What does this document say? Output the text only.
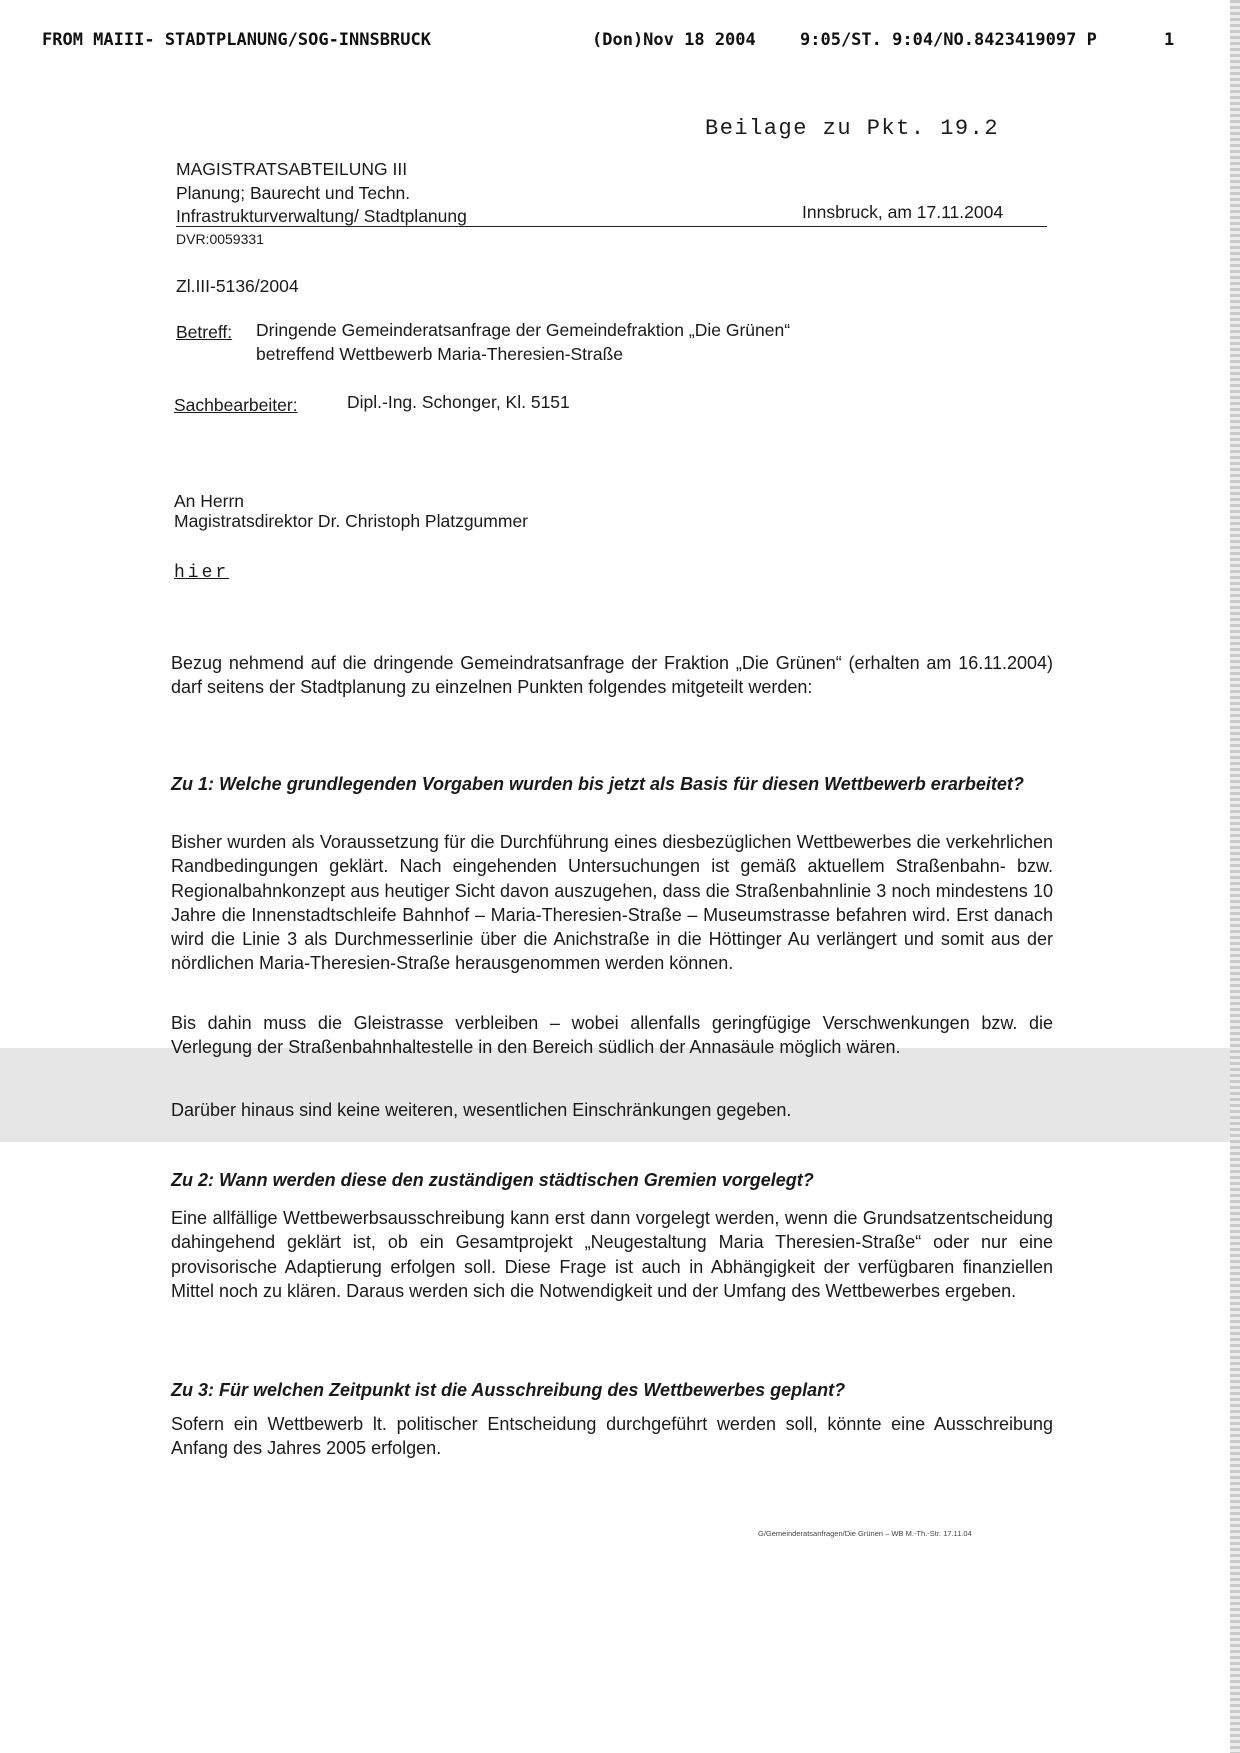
FROM MAIII- STADTPLANUNG/SOG-INNSBRUCK	(Don)Nov 18 2004	9:05/ST. 9:04/NO.8423419097 P	1
Beilage zu Pkt. 19.2
MAGISTRATSABTEILUNG III
Planung; Baurecht und Techn.
Infrastrukturverwaltung/ Stadtplanung	Innsbruck, am 17.11.2004
DVR:0059331
Zl.III-5136/2004
Betreff: Dringende Gemeinderatsanfrage der Gemeindefraktion „Die Grünen“
betreffend Wettbewerb Maria-Theresien-Straße
Sachbearbeiter:	Dipl.-Ing. Schonger, Kl. 5151
An Herrn
Magistratsdirektor Dr. Christoph Platzgummer
hier

Bezug nehmend auf die dringende Gemeindratsanfrage der Fraktion „Die Grünen“ (erhalten am 16.11.2004) darf seitens der Stadtplanung zu einzelnen Punkten folgendes mitgeteilt werden:

Zu 1: Welche grundlegenden Vorgaben wurden bis jetzt als Basis für diesen Wettbewerb erarbeitet?

Bisher wurden als Voraussetzung für die Durchführung eines diesbezüglichen Wettbewerbes die verkehrlichen Randbedingungen geklärt. Nach eingehenden Untersuchungen ist gemäß aktuellem Straßenbahn- bzw. Regionalbahnkonzept aus heutiger Sicht davon auszugehen, dass die Straßenbahnlinie 3 noch mindestens 10 Jahre die Innenstadtschleife Bahnhof – Maria-Theresien-Straße – Museumstrasse befahren wird. Erst danach wird die Linie 3 als Durchmesserlinie über die Anichstraße in die Höttinger Au verlängert und somit aus der nördlichen Maria-Theresien-Straße herausgenommen werden können.

Bis dahin muss die Gleistrasse verbleiben – wobei allenfalls geringfügige Verschwenkungen bzw. die Verlegung der Straßenbahnhaltestelle in den Bereich südlich der Annasäule möglich wären.

Darüber hinaus sind keine weiteren, wesentlichen Einschränkungen gegeben.

Zu 2: Wann werden diese den zuständigen städtischen Gremien vorgelegt?

Eine allfällige Wettbewerbsausschreibung kann erst dann vorgelegt werden, wenn die Grundsatzentscheidung dahingehend geklärt ist, ob ein Gesamtprojekt „Neugestaltung Maria Theresien-Straße“ oder nur eine provisorische Adaptierung erfolgen soll. Diese Frage ist auch in Abhängigkeit der verfügbaren finanziellen Mittel noch zu klären. Daraus werden sich die Notwendigkeit und der Umfang des Wettbewerbes ergeben.

Zu 3: Für welchen Zeitpunkt ist die Ausschreibung des Wettbewerbes geplant?

Sofern ein Wettbewerb lt. politischer Entscheidung durchgeführt werden soll, könnte eine Ausschreibung Anfang des Jahres 2005 erfolgen.

G/Gemeinderatsanfragen/Die Grünen – WB M.-Th.-Str. 17.11.04
